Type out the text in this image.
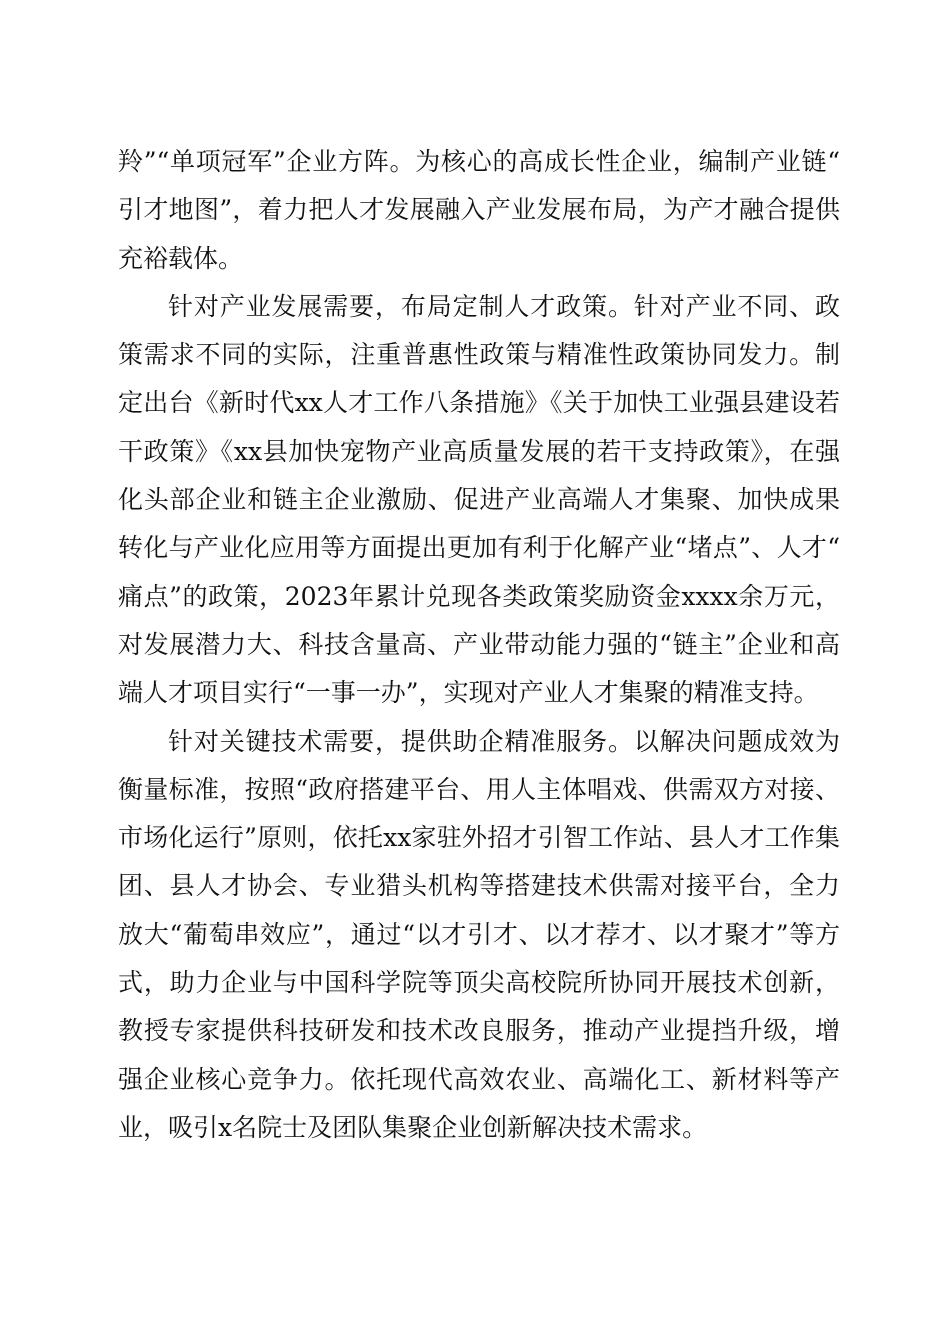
羚”“单项冠军”企业方阵。为核心的高成长性企业，编制产业链“引才地图”，着力把人才发展融入产业发展布局，为产才融合提供充裕载体。

针对产业发展需要，布局定制人才政策。针对产业不同、政策需求不同的实际，注重普惠性政策与精准性政策协同发力。制定出台《新时代xx人才工作八条措施》《关于加快工业强县建设若干政策》《xx县加快宠物产业高质量发展的若干支持政策》，在强化头部企业和链主企业激励、促进产业高端人才集聚、加快成果转化与产业化应用等方面提出更加有利于化解产业“堵点”、人才“痛点”的政策，2023年累计兑现各类政策奖励资金xxxx余万元，对发展潜力大、科技含量高、产业带动能力强的“链主”企业和高端人才项目实行“一事一办”，实现对产业人才集聚的精准支持。

针对关键技术需要，提供助企精准服务。以解决问题成效为衡量标准，按照“政府搭建平台、用人主体唱戏、供需双方对接、市场化运行”原则，依托xx家驻外招才引智工作站、县人才工作集团、县人才协会、专业猎头机构等搭建技术供需对接平台，全力放大“葡萄串效应”，通过“以才引才、以才荐才、以才聚才”等方式，助力企业与中国科学院等顶尖高校院所协同开展技术创新，教授专家提供科技研发和技术改良服务，推动产业提挡升级，增强企业核心竞争力。依托现代高效农业、高端化工、新材料等产业，吸引x名院士及团队集聚企业创新解决技术需求。
